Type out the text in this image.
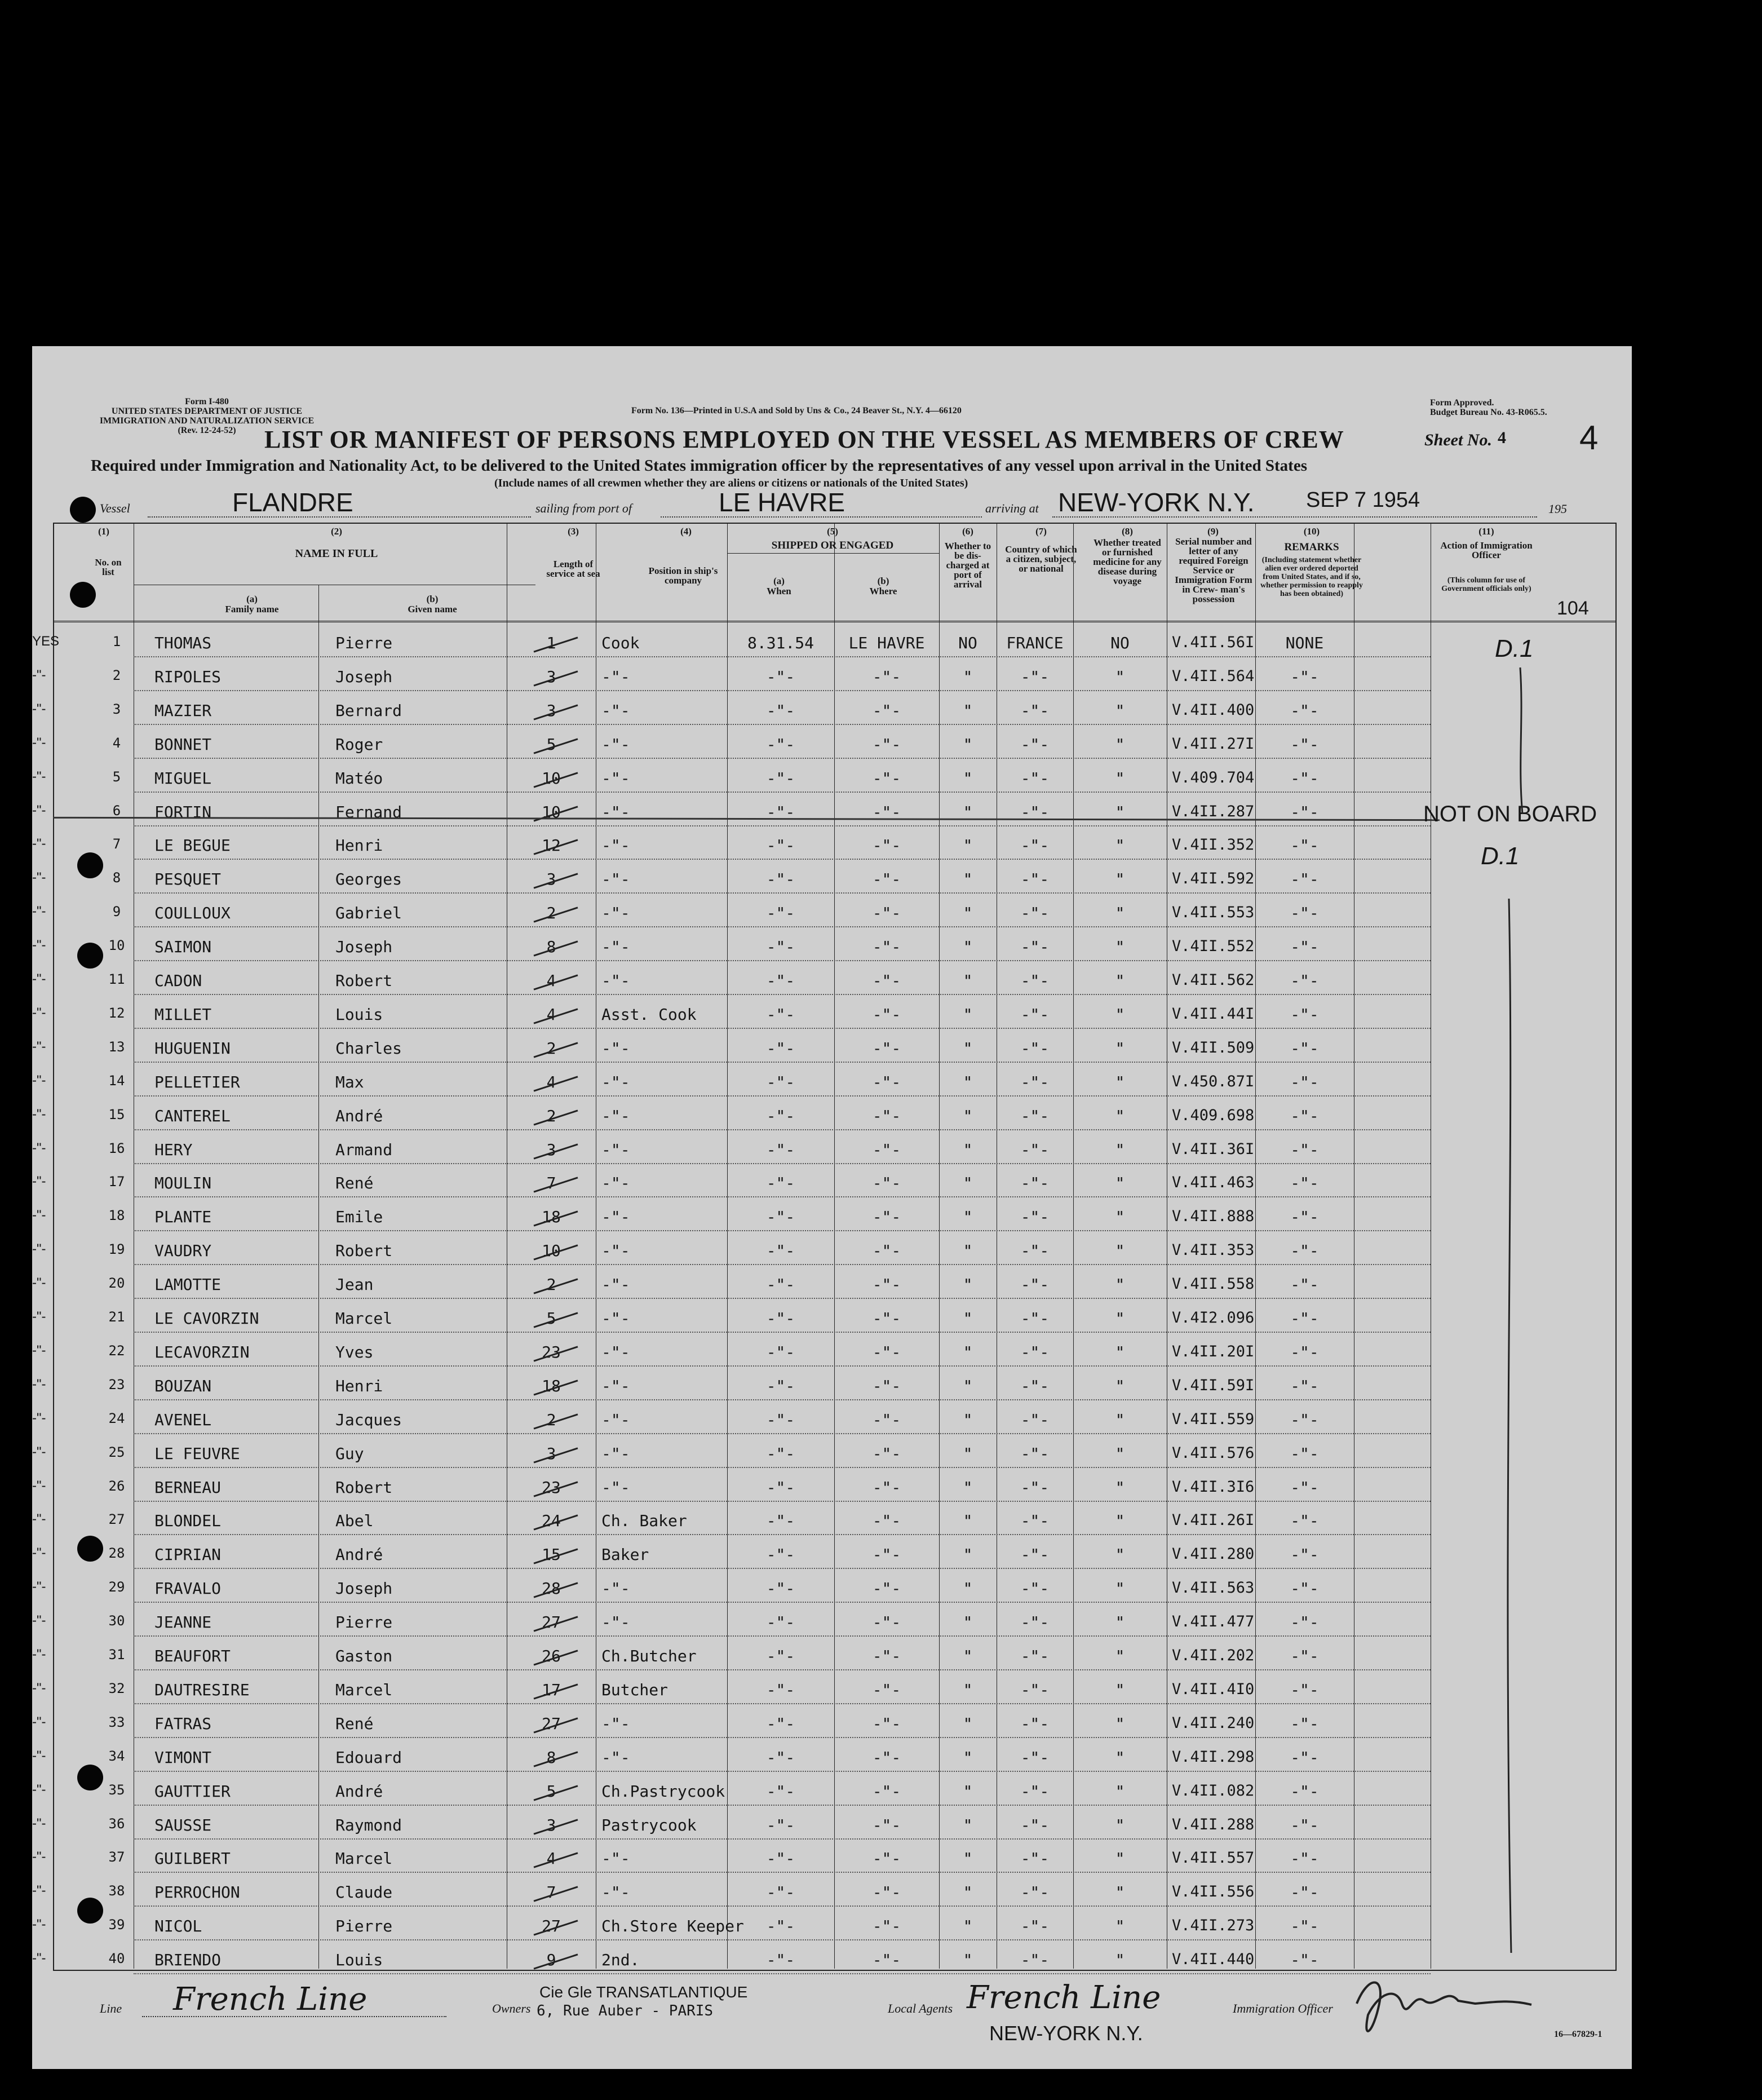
Form I-480
UNITED STATES DEPARTMENT OF JUSTICE
IMMIGRATION AND NATURALIZATION SERVICE
(Rev. 12-24-52)
Form No. 136—Printed in U.S.A and Sold by Uns & Co., 24 Beaver St., N.Y. 4—66120
Form Approved.
Budget Bureau No. 43-R065.5.
LIST OR MANIFEST OF PERSONS EMPLOYED ON THE VESSEL AS MEMBERS OF CREW	Sheet No. 4 4
Required under Immigration and Nationality Act, to be delivered to the United States immigration officer by the representatives of any vessel upon arrival in the United States
(Include names of all crewmen whether they are aliens or citizens or nationals of the United States)
Vessel	FLANDRE	sailing from port of	LE HAVRE	arriving at NEW-YORK N.Y. SEP 7 1954	195
(1)
No. on list
(2)
NAME IN FULL
(a)
Family name
(b)
Given name
(3)
Length of service at sea
(4)
Position in ship's company
(5)
SHIPPED OR ENGAGED
(a)
When
(b)
Where
(6)
Whether to be dis- charged at port of arrival
(7)
Country of which a citizen, subject, or national
(8)
Whether treated or furnished medicine for any disease during voyage
(9)
Serial number and letter of any required Foreign Service or Immigration Form in Crew- man's possession
(10)
REMARKS
(Including statement whether alien ever ordered deported from United States, and if so, whether permission to reapply has been obtained)
(11)
Action of Immigration Officer
(This column for use of Government officials only)
104
YES	1	THOMAS	Pierre	1	Cook	8.31.54	LE HAVRE	NO	FRANCE	NO	V.4II.56I	NONE
-"-	2	RIPOLES	Joseph	3	-"-	-"-	-"-	"	-"-	"	V.4II.564	-"-
-"-	3	MAZIER	Bernard	3	-"-	-"-	-"-	"	-"-	"	V.4II.400	-"-
-"-	4	BONNET	Roger	5	-"-	-"-	-"-	"	-"-	"	V.4II.27I	-"-
-"-	5	MIGUEL	Matéo	10	-"-	-"-	-"-	"	-"-	"	V.409.704	-"-
-"-	6	FORTIN	Fernand	10	-"-	-"-	-"-	"	-"-	"	V.4II.287	-"-
-"-	7	LE BEGUE	Henri	12	-"-	-"-	-"-	"	-"-	"	V.4II.352	-"-
-"-	8	PESQUET	Georges	3	-"-	-"-	-"-	"	-"-	"	V.4II.592	-"-
-"-	9	COULLOUX	Gabriel	2	-"-	-"-	-"-	"	-"-	"	V.4II.553	-"-
-"-	10	SAIMON	Joseph	8	-"-	-"-	-"-	"	-"-	"	V.4II.552	-"-
-"-	11	CADON	Robert	4	-"-	-"-	-"-	"	-"-	"	V.4II.562	-"-
-"-	12	MILLET	Louis	4	Asst. Cook	-"-	-"-	"	-"-	"	V.4II.44I	-"-
-"-	13	HUGUENIN	Charles	2	-"-	-"-	-"-	"	-"-	"	V.4II.509	-"-
-"-	14	PELLETIER	Max	4	-"-	-"-	-"-	"	-"-	"	V.450.87I	-"-
-"-	15	CANTEREL	André	2	-"-	-"-	-"-	"	-"-	"	V.409.698	-"-
-"-	16	HERY	Armand	3	-"-	-"-	-"-	"	-"-	"	V.4II.36I	-"-
-"-	17	MOULIN	René	7	-"-	-"-	-"-	"	-"-	"	V.4II.463	-"-
-"-	18	PLANTE	Emile	18	-"-	-"-	-"-	"	-"-	"	V.4II.888	-"-
-"-	19	VAUDRY	Robert	10	-"-	-"-	-"-	"	-"-	"	V.4II.353	-"-
-"-	20	LAMOTTE	Jean	2	-"-	-"-	-"-	"	-"-	"	V.4II.558	-"-
-"-	21	LE CAVORZIN	Marcel	5	-"-	-"-	-"-	"	-"-	"	V.4I2.096	-"-
-"-	22	LECAVORZIN	Yves	23	-"-	-"-	-"-	"	-"-	"	V.4II.20I	-"-
-"-	23	BOUZAN	Henri	18	-"-	-"-	-"-	"	-"-	"	V.4II.59I	-"-
-"-	24	AVENEL	Jacques	2	-"-	-"-	-"-	"	-"-	"	V.4II.559	-"-
-"-	25	LE FEUVRE	Guy	3	-"-	-"-	-"-	"	-"-	"	V.4II.576	-"-
-"-	26	BERNEAU	Robert	23	-"-	-"-	-"-	"	-"-	"	V.4II.3I6	-"-
-"-	27	BLONDEL	Abel	24	Ch. Baker	-"-	-"-	"	-"-	"	V.4II.26I	-"-
-"-	28	CIPRIAN	André	15	Baker	-"-	-"-	"	-"-	"	V.4II.280	-"-
-"-	29	FRAVALO	Joseph	28	-"-	-"-	-"-	"	-"-	"	V.4II.563	-"-
-"-	30	JEANNE	Pierre	27	-"-	-"-	-"-	"	-"-	"	V.4II.477	-"-
-"-	31	BEAUFORT	Gaston	26	Ch.Butcher	-"-	-"-	"	-"-	"	V.4II.202	-"-
-"-	32	DAUTRESIRE	Marcel	17	Butcher	-"-	-"-	"	-"-	"	V.4II.4I0	-"-
-"-	33	FATRAS	René	27	-"-	-"-	-"-	"	-"-	"	V.4II.240	-"-
-"-	34	VIMONT	Edouard	8	-"-	-"-	-"-	"	-"-	"	V.4II.298	-"-
-"-	35	GAUTTIER	André	5	Ch.Pastrycook	-"-	-"-	"	-"-	"	V.4II.082	-"-
-"-	36	SAUSSE	Raymond	3	Pastrycook	-"-	-"-	"	-"-	"	V.4II.288	-"-
-"-	37	GUILBERT	Marcel	4	-"-	-"-	-"-	"	-"-	"	V.4II.557	-"-
-"-	38	PERROCHON	Claude	7	-"-	-"-	-"-	"	-"-	"	V.4II.556	-"-
-"-	39	NICOL	Pierre	27	Ch.Store Keeper	-"-	-"-	"	-"-	"	V.4II.273	-"-
-"-	40	BRIENDO	Louis	9	2nd.	-"-	-"-	"	-"-	"	V.4II.440	-"-
NOT ON BOARD
D.1
D.1
Line French Line	Owners
Cie Gle TRANSATLANTIQUE
6, Rue Auber - PARIS	Local Agents French Line
NEW-YORK N.Y.
Immigration Officer
16—67829-1
